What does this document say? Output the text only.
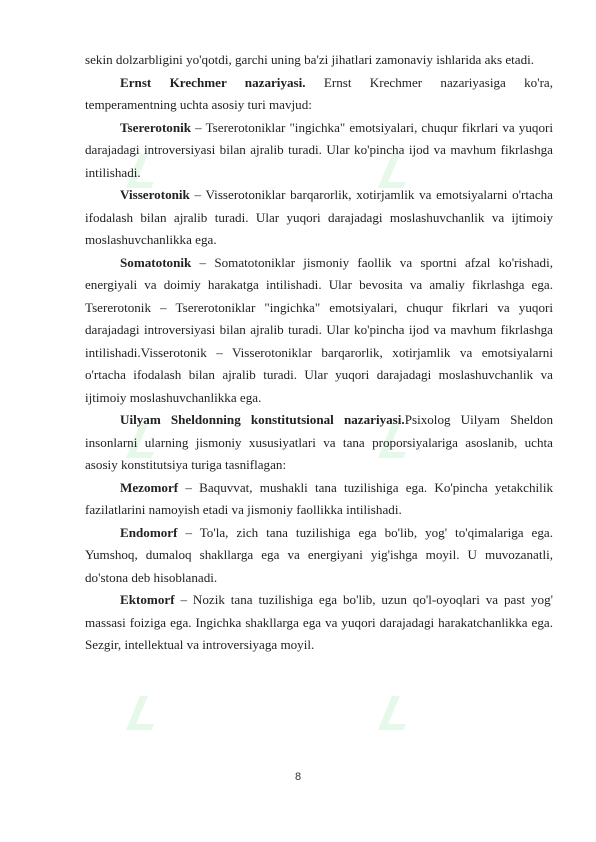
sekin dolzarbligini yo'qotdi, garchi uning ba'zi jihatlari zamonaviy ishlarida aks etadi.

Ernst Krechmer nazariyasi. Ernst Krechmer nazariyasiga ko'ra, temperamentning uchta asosiy turi mavjud:

Tsererotonik – Tsererotoniklar "ingichka" emotsiyalari, chuqur fikrlari va yuqori darajadagi introversiyasi bilan ajralib turadi. Ular ko'pincha ijod va mavhum fikrlashga intilishadi.

Visserotonik – Visserotoniklar barqarorlik, xotirjamlik va emotsiyalarni o'rtacha ifodalash bilan ajralib turadi. Ular yuqori darajadagi moslashuvchanlik va ijtimoiy moslashuvchanlikka ega.

Somatotonik – Somatotoniklar jismoniy faollik va sportni afzal ko'rishadi, energiyali va doimiy harakatga intilishadi. Ular bevosita va amaliy fikrlashga ega. Tsererotonik – Tsererotoniklar "ingichka" emotsiyalari, chuqur fikrlari va yuqori darajadagi introversiyasi bilan ajralib turadi. Ular ko'pincha ijod va mavhum fikrlashga intilishadi.Visserotonik – Visserotoniklar barqarorlik, xotirjamlik va emotsiyalarni o'rtacha ifodalash bilan ajralib turadi. Ular yuqori darajadagi moslashuvchanlik va ijtimoiy moslashuvchanlikka ega.

Uilyam Sheldonning konstitutsional nazariyasi.Psixolog Uilyam Sheldon insonlarni ularning jismoniy xususiyatlari va tana proporsiyalariga asoslanib, uchta asosiy konstitutsiya turiga tasniflagan:

Mezomorf – Baquvvat, mushakli tana tuzilishiga ega. Ko'pincha yetakchilik fazilatlarini namoyish etadi va jismoniy faollikka intilishadi.

Endomorf – To'la, zich tana tuzilishiga ega bo'lib, yog' to'qimalariga ega. Yumshoq, dumaloq shakllarga ega va energiyani yig'ishga moyil. U muvozanatli, do'stona deb hisoblanadi.

Ektomorf – Nozik tana tuzilishiga ega bo'lib, uzun qo'l-oyoqlari va past yog' massasi foiziga ega. Ingichka shakllarga ega va yuqori darajadagi harakatchanlikka ega. Sezgir, intellektual va introversiyaga moyil.

8
